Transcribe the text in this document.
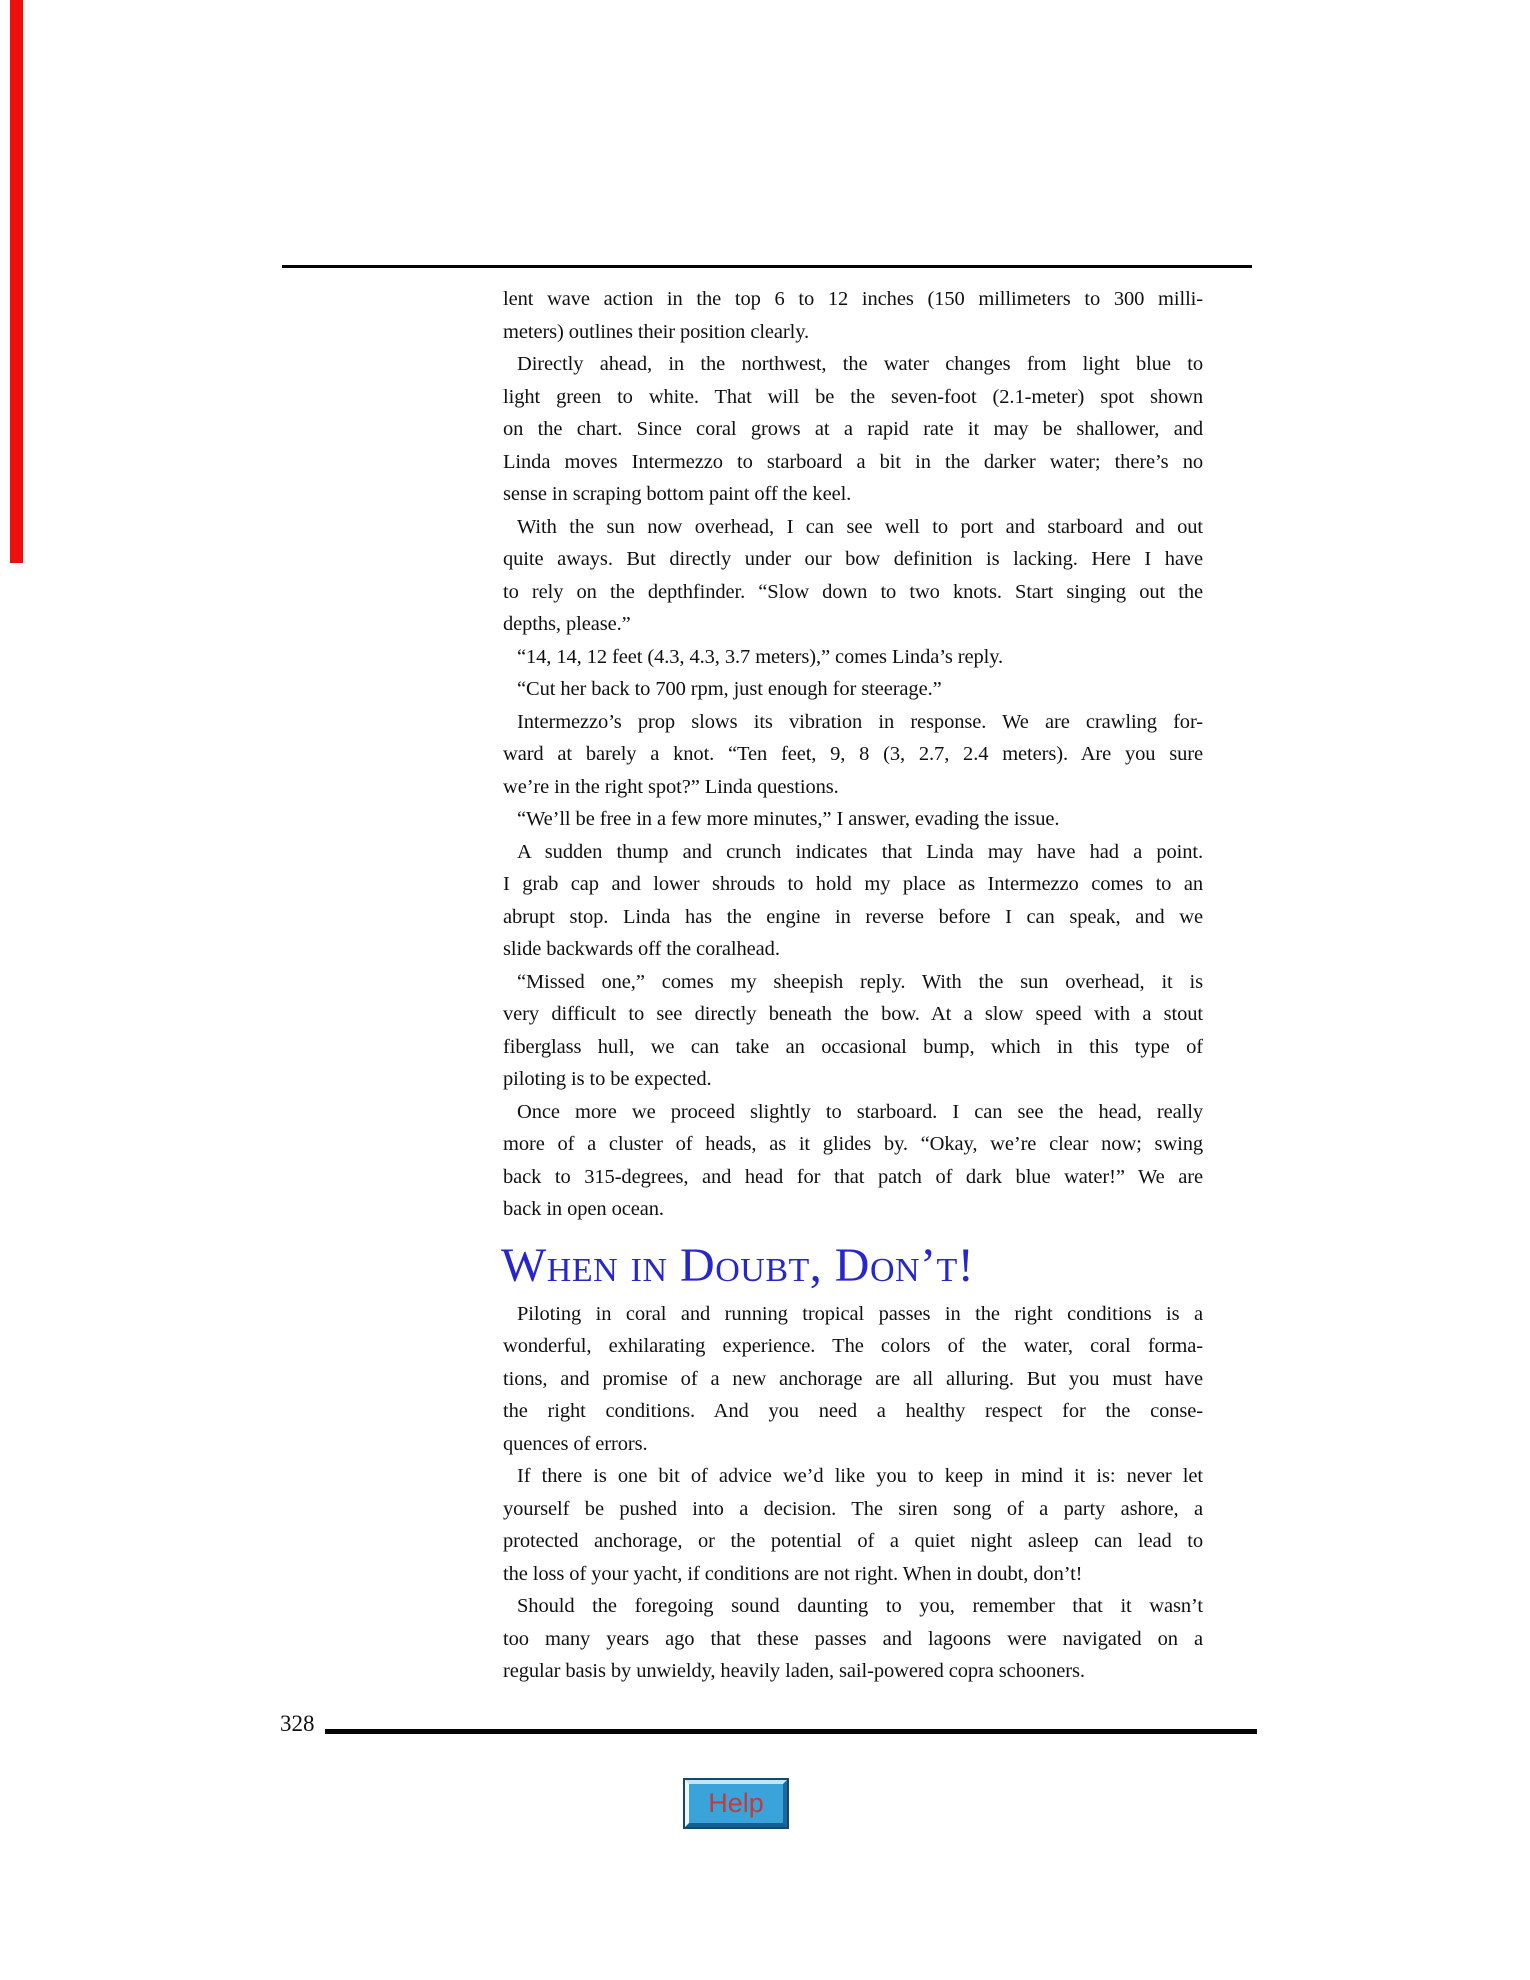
lent wave action in the top 6 to 12 inches (150 millimeters to 300 milli-
meters) outlines their position clearly.
Directly ahead, in the northwest, the water changes from light blue to
light green to white. That will be the seven-foot (2.1-meter) spot shown
on the chart. Since coral grows at a rapid rate it may be shallower, and
Linda moves Intermezzo to starboard a bit in the darker water; there’s no
sense in scraping bottom paint off the keel.
With the sun now overhead, I can see well to port and starboard and out
quite aways. But directly under our bow definition is lacking. Here I have
to rely on the depthfinder. “Slow down to two knots. Start singing out the
depths, please.”
“14, 14, 12 feet (4.3, 4.3, 3.7 meters),” comes Linda’s reply.
“Cut her back to 700 rpm, just enough for steerage.”
Intermezzo’s prop slows its vibration in response. We are crawling for-
ward at barely a knot. “Ten feet, 9, 8 (3, 2.7, 2.4 meters). Are you sure
we’re in the right spot?” Linda questions.
“We’ll be free in a few more minutes,” I answer, evading the issue.
A sudden thump and crunch indicates that Linda may have had a point.
I grab cap and lower shrouds to hold my place as Intermezzo comes to an
abrupt stop. Linda has the engine in reverse before I can speak, and we
slide backwards off the coralhead.
“Missed one,” comes my sheepish reply. With the sun overhead, it is
very difficult to see directly beneath the bow. At a slow speed with a stout
fiberglass hull, we can take an occasional bump, which in this type of
piloting is to be expected.
Once more we proceed slightly to starboard. I can see the head, really
more of a cluster of heads, as it glides by. “Okay, we’re clear now; swing
back to 315-degrees, and head for that patch of dark blue water!” We are
back in open ocean.
When in Doubt, Don’t!
Piloting in coral and running tropical passes in the right conditions is a
wonderful, exhilarating experience. The colors of the water, coral forma-
tions, and promise of a new anchorage are all alluring. But you must have
the right conditions. And you need a healthy respect for the conse-
quences of errors.
If there is one bit of advice we’d like you to keep in mind it is: never let
yourself be pushed into a decision. The siren song of a party ashore, a
protected anchorage, or the potential of a quiet night asleep can lead to
the loss of your yacht, if conditions are not right. When in doubt, don’t!
Should the foregoing sound daunting to you, remember that it wasn’t
too many years ago that these passes and lagoons were navigated on a
regular basis by unwieldy, heavily laden, sail-powered copra schooners.
328
Help
